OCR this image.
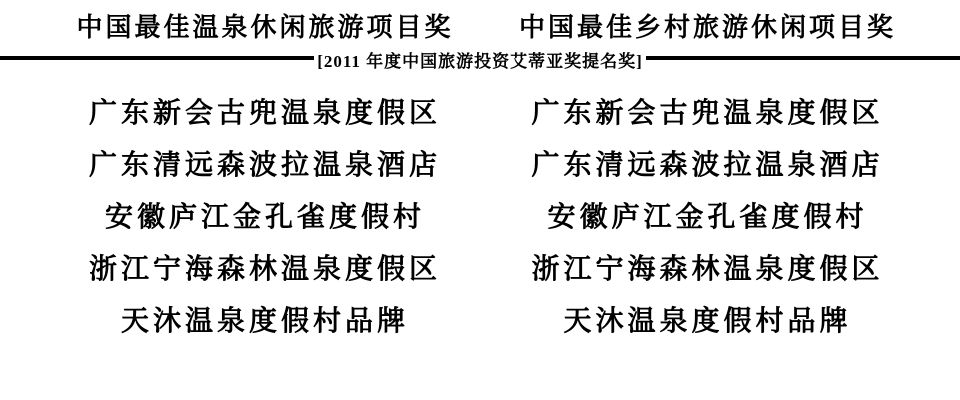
中国最佳温泉休闲旅游项目奖	中国最佳乡村旅游休闲项目奖
[2011 年度中国旅游投资艾蒂亚奖提名奖]
广东新会古兜温泉度假区
广东清远森波拉温泉酒店
安徽庐江金孔雀度假村
浙江宁海森林温泉度假区
天沐温泉度假村品牌
广东新会古兜温泉度假区
广东清远森波拉温泉酒店
安徽庐江金孔雀度假村
浙江宁海森林温泉度假区
天沐温泉度假村品牌
